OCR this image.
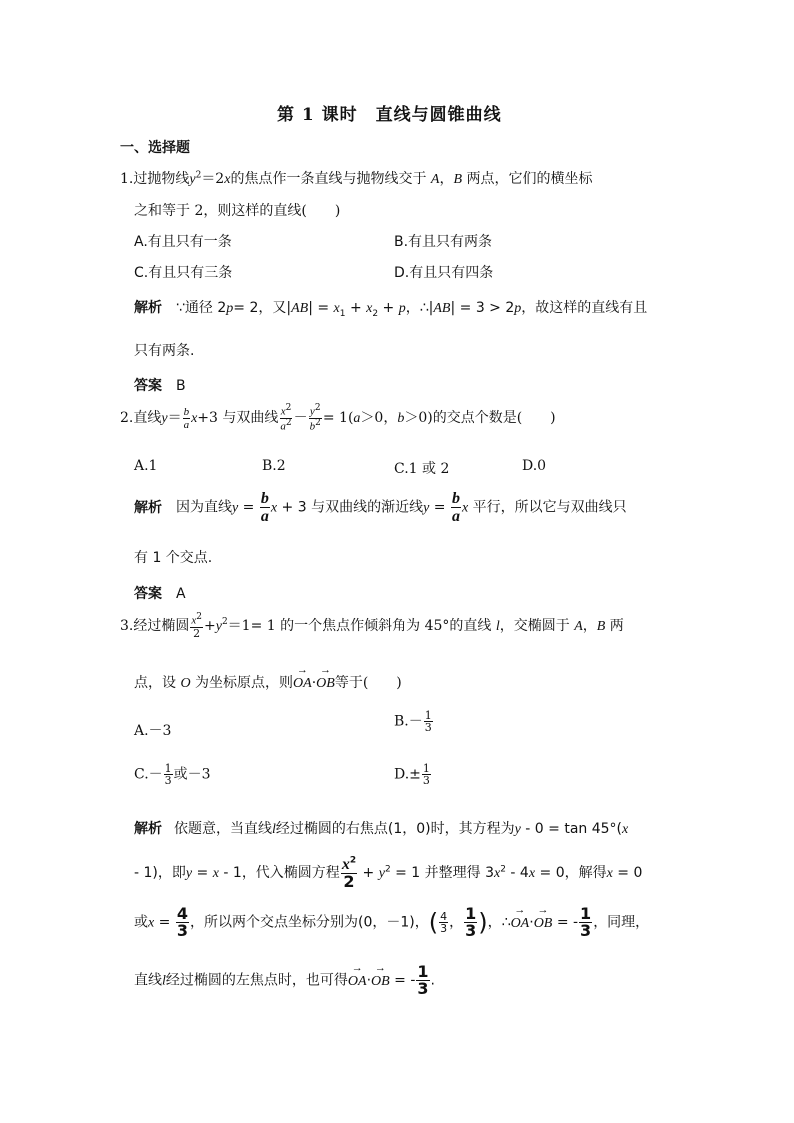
第 1 课时　直线与圆锥曲线
一、选择题
1.过抛物线$y^2=2x$的焦点作一条直线与抛物线交于 A，B 两点，它们的横坐标
之和等于 2，则这样的直线(　　)
A.有且只有一条	B.有且只有两条
C.有且只有三条	D.有且只有四条
解析 ∵通径 2p= 2，又$|AB| = x_1 + x_2 + p$，∴|AB| = 3 > 2p，故这样的直线有且
只有两条.
答案 B
2.直线$y= \frac{b}{a} x+3$ 与双曲线 $\frac{x^2}{a^2} - \frac{y^2}{b^2} = 1(a>0$，b＞0)的交点个数是(　　)
A.1	B.2	C.1 或 2	D.0
解析 因为直线$y = \frac{b}{a}$ x + 3 与双曲线的渐近线$y = \frac{b}{a}$ x 平行，所以它与双曲线只
有 1 个交点.
答案 A
3.经过椭圆 $\frac{x^2}{2} +y^2=1= 1$ 的一个焦点作倾斜角为 45°的直线 l，交椭圆于 A，B 两
点，设 O 为坐标原点，则→ OA·→ OB等于(　　)
A.－3
$B.- \frac{1}{3}$
$C.- \frac{1}{3}$ 或－3	$D.\pm \frac{1}{3}$
解析 依题意，当直线l经过椭圆的右焦点(1，0)时，其方程为y - 0 = tan 45°(x
- 1)，即y = x - 1，代入椭圆方程 $\frac{x^2}{2} + y^2 = 1$ 并整理得 $3x^2 - 4x = 0$，解得x = 0
或$x = \frac{4}{3}$ ，所以两个交点坐标分别为(0，－1)，( $\frac{4}{3}$ ， $\frac{1}{3}$ )，∴→ OA·→ OB = - $\frac{1}{3}$ ，同理，
直线l经过椭圆的左焦点时，也可得→ OA·→ OB = - $\frac{1}{3}$ .
